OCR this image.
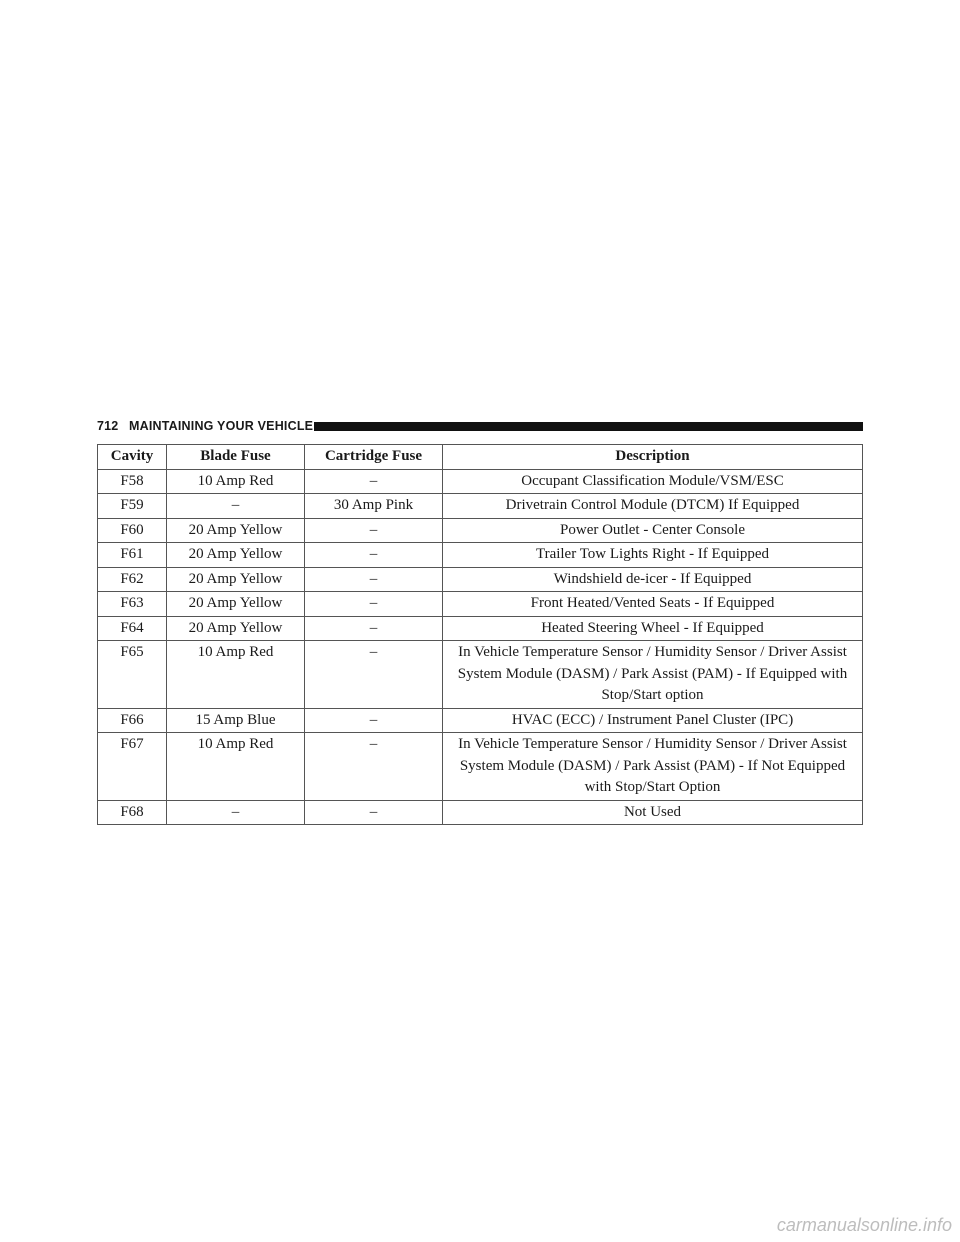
712 MAINTAINING YOUR VEHICLE
Cavity	Blade Fuse	Cartridge Fuse	Description
F58	10 Amp Red	–	Occupant Classification Module/VSM/ESC
F59	–	30 Amp Pink	Drivetrain Control Module (DTCM) If Equipped
F60	20 Amp Yellow	–	Power Outlet - Center Console
F61	20 Amp Yellow	–	Trailer Tow Lights Right - If Equipped
F62	20 Amp Yellow	–	Windshield de-icer - If Equipped
F63	20 Amp Yellow	–	Front Heated/Vented Seats - If Equipped
F64	20 Amp Yellow	–	Heated Steering Wheel - If Equipped
F65	10 Amp Red	–	In Vehicle Temperature Sensor / Humidity Sensor / Driver Assist System Module (DASM) / Park Assist (PAM) - If Equipped with Stop/Start option
F66	15 Amp Blue	–	HVAC (ECC) / Instrument Panel Cluster (IPC)
F67	10 Amp Red	–	In Vehicle Temperature Sensor / Humidity Sensor / Driver Assist System Module (DASM) / Park Assist (PAM) - If Not Equipped with Stop/Start Option
F68	–	–	Not Used
carmanualsonline.info
